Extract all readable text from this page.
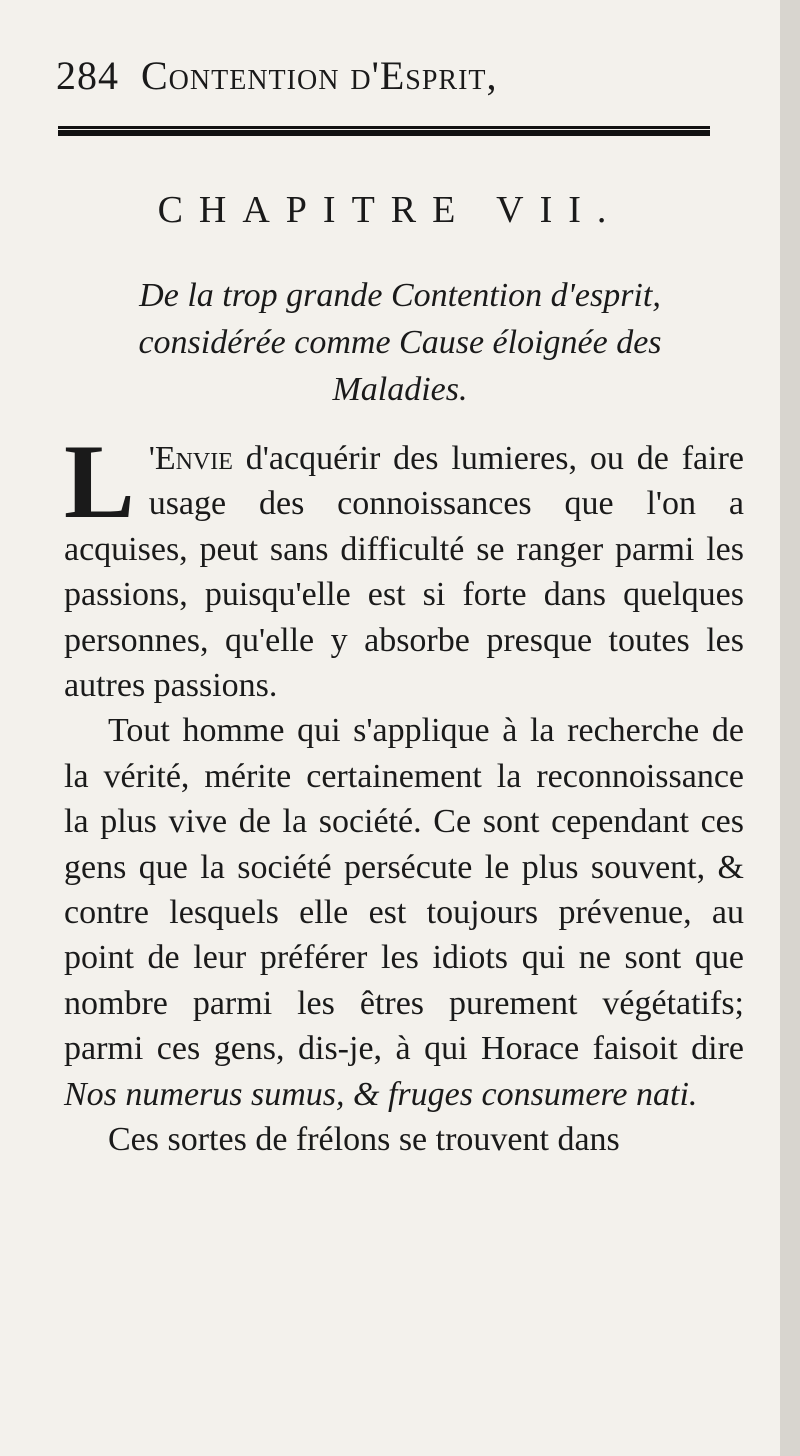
284 Contention d'Esprit,
CHAPITRE VII.
De la trop grande Contention d'esprit,
considérée comme Cause éloignée des
Maladies.

L 'Envie d'acquérir des lumieres, ou de faire usage des connoissances que l'on a acquises, peut sans difficulté se ranger parmi les passions, puisqu'elle est si forte dans quelques personnes, qu'elle y absorbe presque toutes les autres passions.

Tout homme qui s'applique à la recherche de la vérité, mérite certainement la reconnoissance la plus vive de la société. Ce sont cependant ces gens que la société persécute le plus souvent, & contre lesquels elle est toujours prévenue, au point de leur préférer les idiots qui ne sont que nombre parmi les êtres purement végétatifs; parmi ces gens, dis-je, à qui Horace faisoit dire Nos numerus sumus, & fruges consumere nati.

Ces sortes de frélons se trouvent dans
